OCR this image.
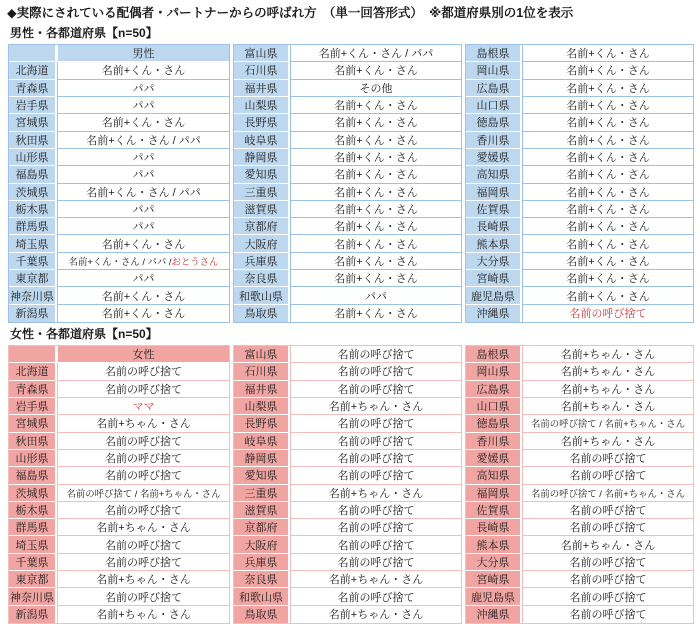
◆実際にされている配偶者・パートナーからの呼ばれ方　（単一回答形式）　※都道府県別の1位を表示
男性・各都道府県【n=50】
男性
北海道	名前+くん・さん
青森県	パパ
岩手県	パパ
宮城県	名前+くん・さん
秋田県	名前+くん・さん / パパ
山形県	パパ
福島県	パパ
茨城県	名前+くん・さん / パパ
栃木県	パパ
群馬県	パパ
埼玉県	名前+くん・さん
千葉県	名前+くん・さん / パパ / おとうさん
東京都	パパ
神奈川県	名前+くん・さん
新潟県	名前+くん・さん
富山県	名前+くん・さん / パパ
石川県	名前+くん・さん
福井県	その他
山梨県	名前+くん・さん
長野県	名前+くん・さん
岐阜県	名前+くん・さん
静岡県	名前+くん・さん
愛知県	名前+くん・さん
三重県	名前+くん・さん
滋賀県	名前+くん・さん
京都府	名前+くん・さん
大阪府	名前+くん・さん
兵庫県	名前+くん・さん
奈良県	名前+くん・さん
和歌山県	パパ
鳥取県	名前+くん・さん
島根県	名前+くん・さん
岡山県	名前+くん・さん
広島県	名前+くん・さん
山口県	名前+くん・さん
徳島県	名前+くん・さん
香川県	名前+くん・さん
愛媛県	名前+くん・さん
高知県	名前+くん・さん
福岡県	名前+くん・さん
佐賀県	名前+くん・さん
長崎県	名前+くん・さん
熊本県	名前+くん・さん
大分県	名前+くん・さん
宮崎県	名前+くん・さん
鹿児島県	名前+くん・さん
沖縄県	名前の呼び捨て
女性・各都道府県【n=50】
女性
北海道	名前の呼び捨て
青森県	名前の呼び捨て
岩手県	ママ
宮城県	名前+ちゃん・さん
秋田県	名前の呼び捨て
山形県	名前の呼び捨て
福島県	名前の呼び捨て
茨城県	名前の呼び捨て / 名前+ちゃん・さん
栃木県	名前の呼び捨て
群馬県	名前+ちゃん・さん
埼玉県	名前の呼び捨て
千葉県	名前の呼び捨て
東京都	名前+ちゃん・さん
神奈川県	名前の呼び捨て
新潟県	名前+ちゃん・さん
富山県	名前の呼び捨て
石川県	名前の呼び捨て
福井県	名前の呼び捨て
山梨県	名前+ちゃん・さん
長野県	名前の呼び捨て
岐阜県	名前の呼び捨て
静岡県	名前の呼び捨て
愛知県	名前の呼び捨て
三重県	名前+ちゃん・さん
滋賀県	名前の呼び捨て
京都府	名前の呼び捨て
大阪府	名前の呼び捨て
兵庫県	名前の呼び捨て
奈良県	名前+ちゃん・さん
和歌山県	名前の呼び捨て
鳥取県	名前+ちゃん・さん
島根県	名前+ちゃん・さん
岡山県	名前+ちゃん・さん
広島県	名前+ちゃん・さん
山口県	名前+ちゃん・さん
徳島県	名前の呼び捨て / 名前+ちゃん・さん
香川県	名前+ちゃん・さん
愛媛県	名前の呼び捨て
高知県	名前の呼び捨て
福岡県	名前の呼び捨て / 名前+ちゃん・さん
佐賀県	名前の呼び捨て
長崎県	名前の呼び捨て
熊本県	名前+ちゃん・さん
大分県	名前の呼び捨て
宮崎県	名前の呼び捨て
鹿児島県	名前の呼び捨て
沖縄県	名前の呼び捨て
